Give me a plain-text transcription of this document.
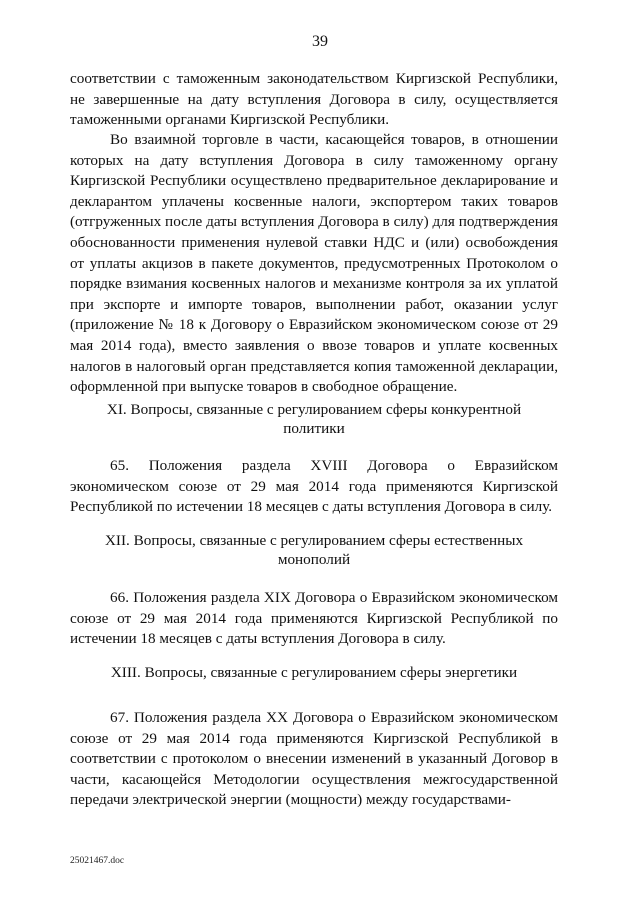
39

соответствии с таможенным законодательством Киргизской Республики, не завершенные на дату вступления Договора в силу, осуществляется таможенными органами Киргизской Республики.

Во взаимной торговле в части, касающейся товаров, в отношении которых на дату вступления Договора в силу таможенному органу Киргизской Республики осуществлено предварительное декларирование и декларантом уплачены косвенные налоги, экспортером таких товаров (отгруженных после даты вступления Договора в силу) для подтверждения обоснованности применения нулевой ставки НДС и (или) освобождения от уплаты акцизов в пакете документов, предусмотренных Протоколом о порядке взимания косвенных налогов и механизме контроля за их уплатой при экспорте и импорте товаров, выполнении работ, оказании услуг (приложение № 18 к Договору о Евразийском экономическом союзе от 29 мая 2014 года), вместо заявления о ввозе товаров и уплате косвенных налогов в налоговый орган представляется копия таможенной декларации, оформленной при выпуске товаров в свободное обращение.

XI. Вопросы, связанные с регулированием сферы конкурентной
политики

65. Положения раздела XVIII Договора о Евразийском экономическом союзе от 29 мая 2014 года применяются Киргизской Республикой по истечении 18 месяцев с даты вступления Договора в силу.

XII. Вопросы, связанные с регулированием сферы естественных
монополий

66. Положения раздела XIX Договора о Евразийском экономическом союзе от 29 мая 2014 года применяются Киргизской Республикой по истечении 18 месяцев с даты вступления Договора в силу.

XIII. Вопросы, связанные с регулированием сферы энергетики

67. Положения раздела XX Договора о Евразийском экономическом союзе от 29 мая 2014 года применяются Киргизской Республикой в соответствии с протоколом о внесении изменений в указанный Договор в части, касающейся Методологии осуществления межгосударственной передачи электрической энергии (мощности) между государствами-

25021467.doc
